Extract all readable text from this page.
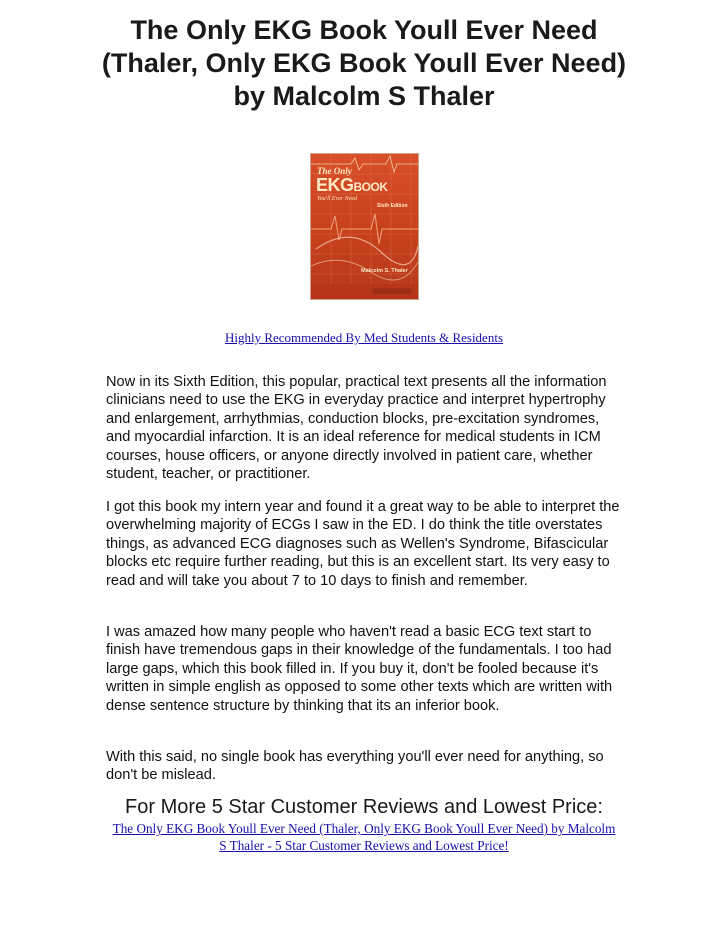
The Only EKG Book Youll Ever Need (Thaler, Only EKG Book Youll Ever Need) by Malcolm S Thaler
The Only
EKGBOOK
You'll Ever Need
Sixth Edition
Malcolm S. Thaler
Highly Recommended By Med Students & Residents
Now in its Sixth Edition, this popular, practical text presents all the information clinicians need to use the EKG in everyday practice and interpret hypertrophy and enlargement, arrhythmias, conduction blocks, pre-excitation syndromes, and myocardial infarction. It is an ideal reference for medical students in ICM courses, house officers, or anyone directly involved in patient care, whether student, teacher, or practitioner.
I got this book my intern year and found it a great way to be able to interpret the overwhelming majority of ECGs I saw in the ED. I do think the title overstates things, as advanced ECG diagnoses such as Wellen's Syndrome, Bifascicular blocks etc require further reading, but this is an excellent start. Its very easy to read and will take you about 7 to 10 days to finish and remember.
I was amazed how many people who haven't read a basic ECG text start to finish have tremendous gaps in their knowledge of the fundamentals. I too had large gaps, which this book filled in. If you buy it, don't be fooled because it's written in simple english as opposed to some other texts which are written with dense sentence structure by thinking that its an inferior book.
With this said, no single book has everything you'll ever need for anything, so don't be mislead.
For More 5 Star Customer Reviews and Lowest Price:
The Only EKG Book Youll Ever Need (Thaler, Only EKG Book Youll Ever Need) by Malcolm S Thaler - 5 Star Customer Reviews and Lowest Price!
